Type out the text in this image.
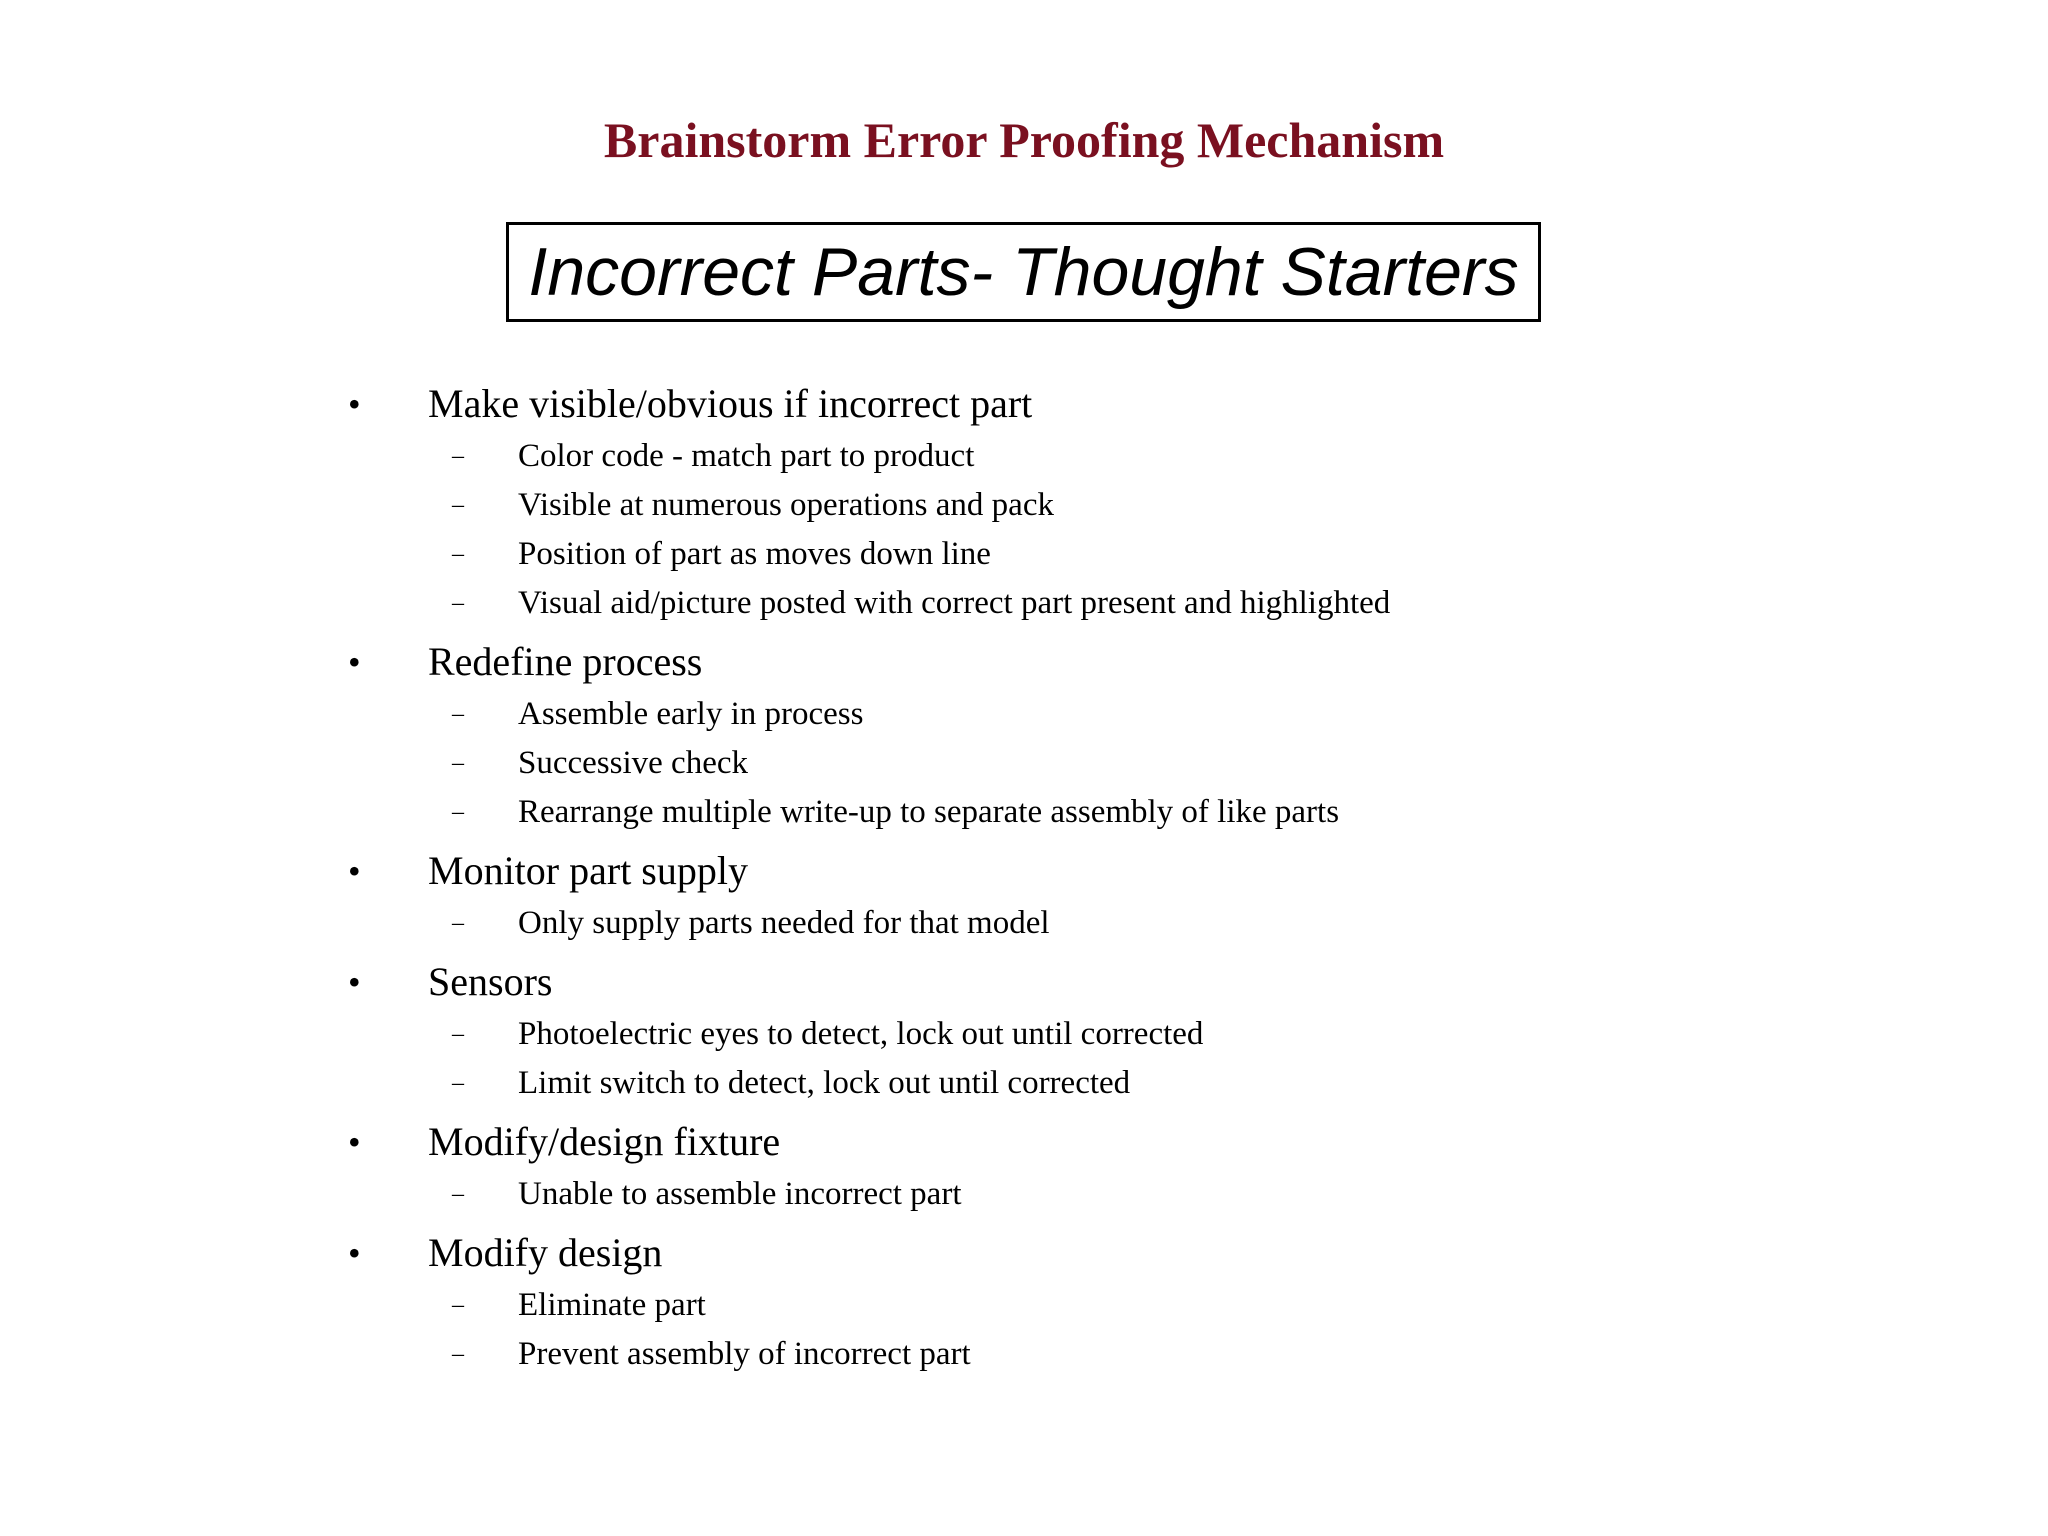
Brainstorm Error Proofing Mechanism
Incorrect Parts- Thought Starters
• Make visible/obvious if incorrect part
– Color code - match part to product
– Visible at numerous operations and pack
– Position of part as moves down line
– Visual aid/picture posted with correct part present and highlighted
• Redefine process
– Assemble early in process
– Successive check
– Rearrange multiple write-up to separate assembly of like parts
• Monitor part supply
– Only supply parts needed for that model
• Sensors
– Photoelectric eyes to detect, lock out until corrected
– Limit switch to detect, lock out until corrected
• Modify/design fixture
– Unable to assemble incorrect part
• Modify design
– Eliminate part
– Prevent assembly of incorrect part
